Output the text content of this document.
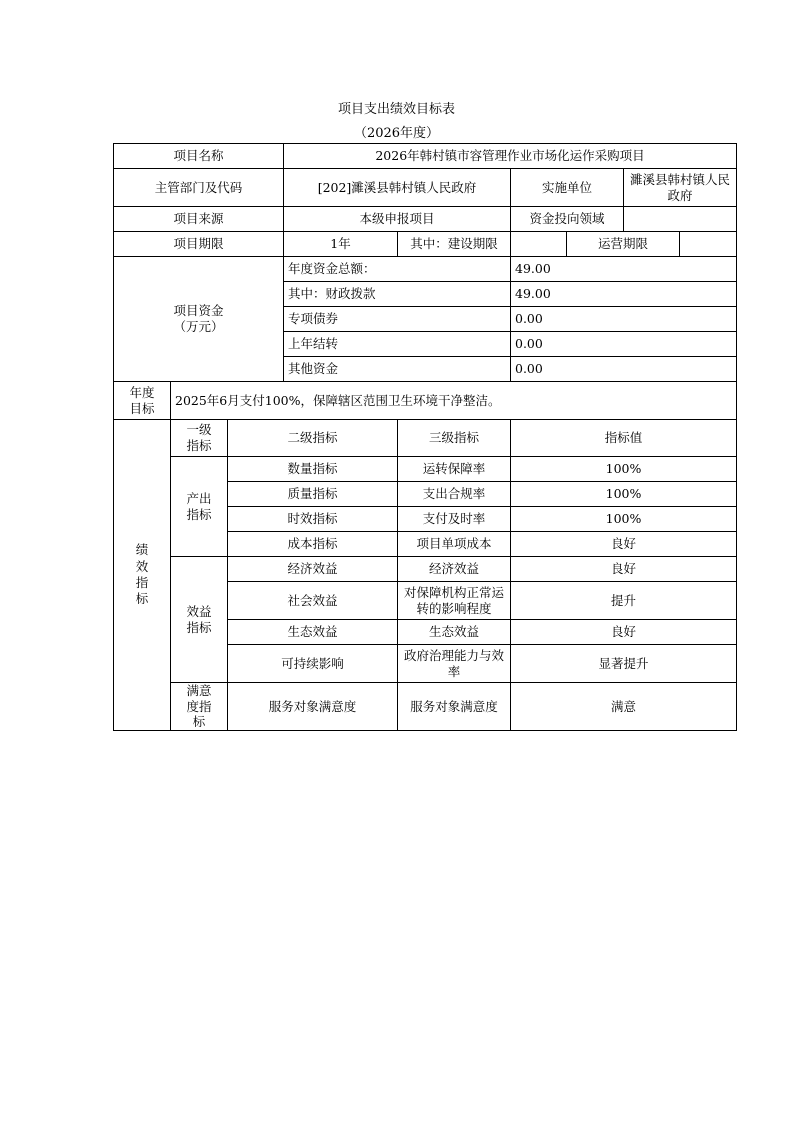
项目支出绩效目标表
（2026年度）
项目名称			2026年韩村镇市容管理作业市场化运作采购项目					
主管部门及代码			[202]濉溪县韩村镇人民政府		实施单位		濉溪县韩村镇人民政府	
项目来源			本级申报项目		资金投向领域			
项目期限			1年	其中：建设期限		运营期限		
项目资金（万元）			年度资金总额：		49.00			
			其中：财政拨款		49.00			
			专项债券		0.00			
			上年结转		0.00			
			其他资金		0.00			
年度目标	2025年6月支付100%，保障辖区范围卫生环境干净整洁。							
绩效指标	一级指标	二级指标		三级指标	指标值			
	产出指标	数量指标		运转保障率	100%			
		质量指标		支出合规率	100%			
		时效指标		支付及时率	100%			
		成本指标		项目单项成本	良好			
	效益指标	经济效益		经济效益	良好			
		社会效益		对保障机构正常运转的影响程度	提升			
		生态效益		生态效益	良好			
		可持续影响		政府治理能力与效率	显著提升			
	满意度指标	服务对象满意度		服务对象满意度	满意			
